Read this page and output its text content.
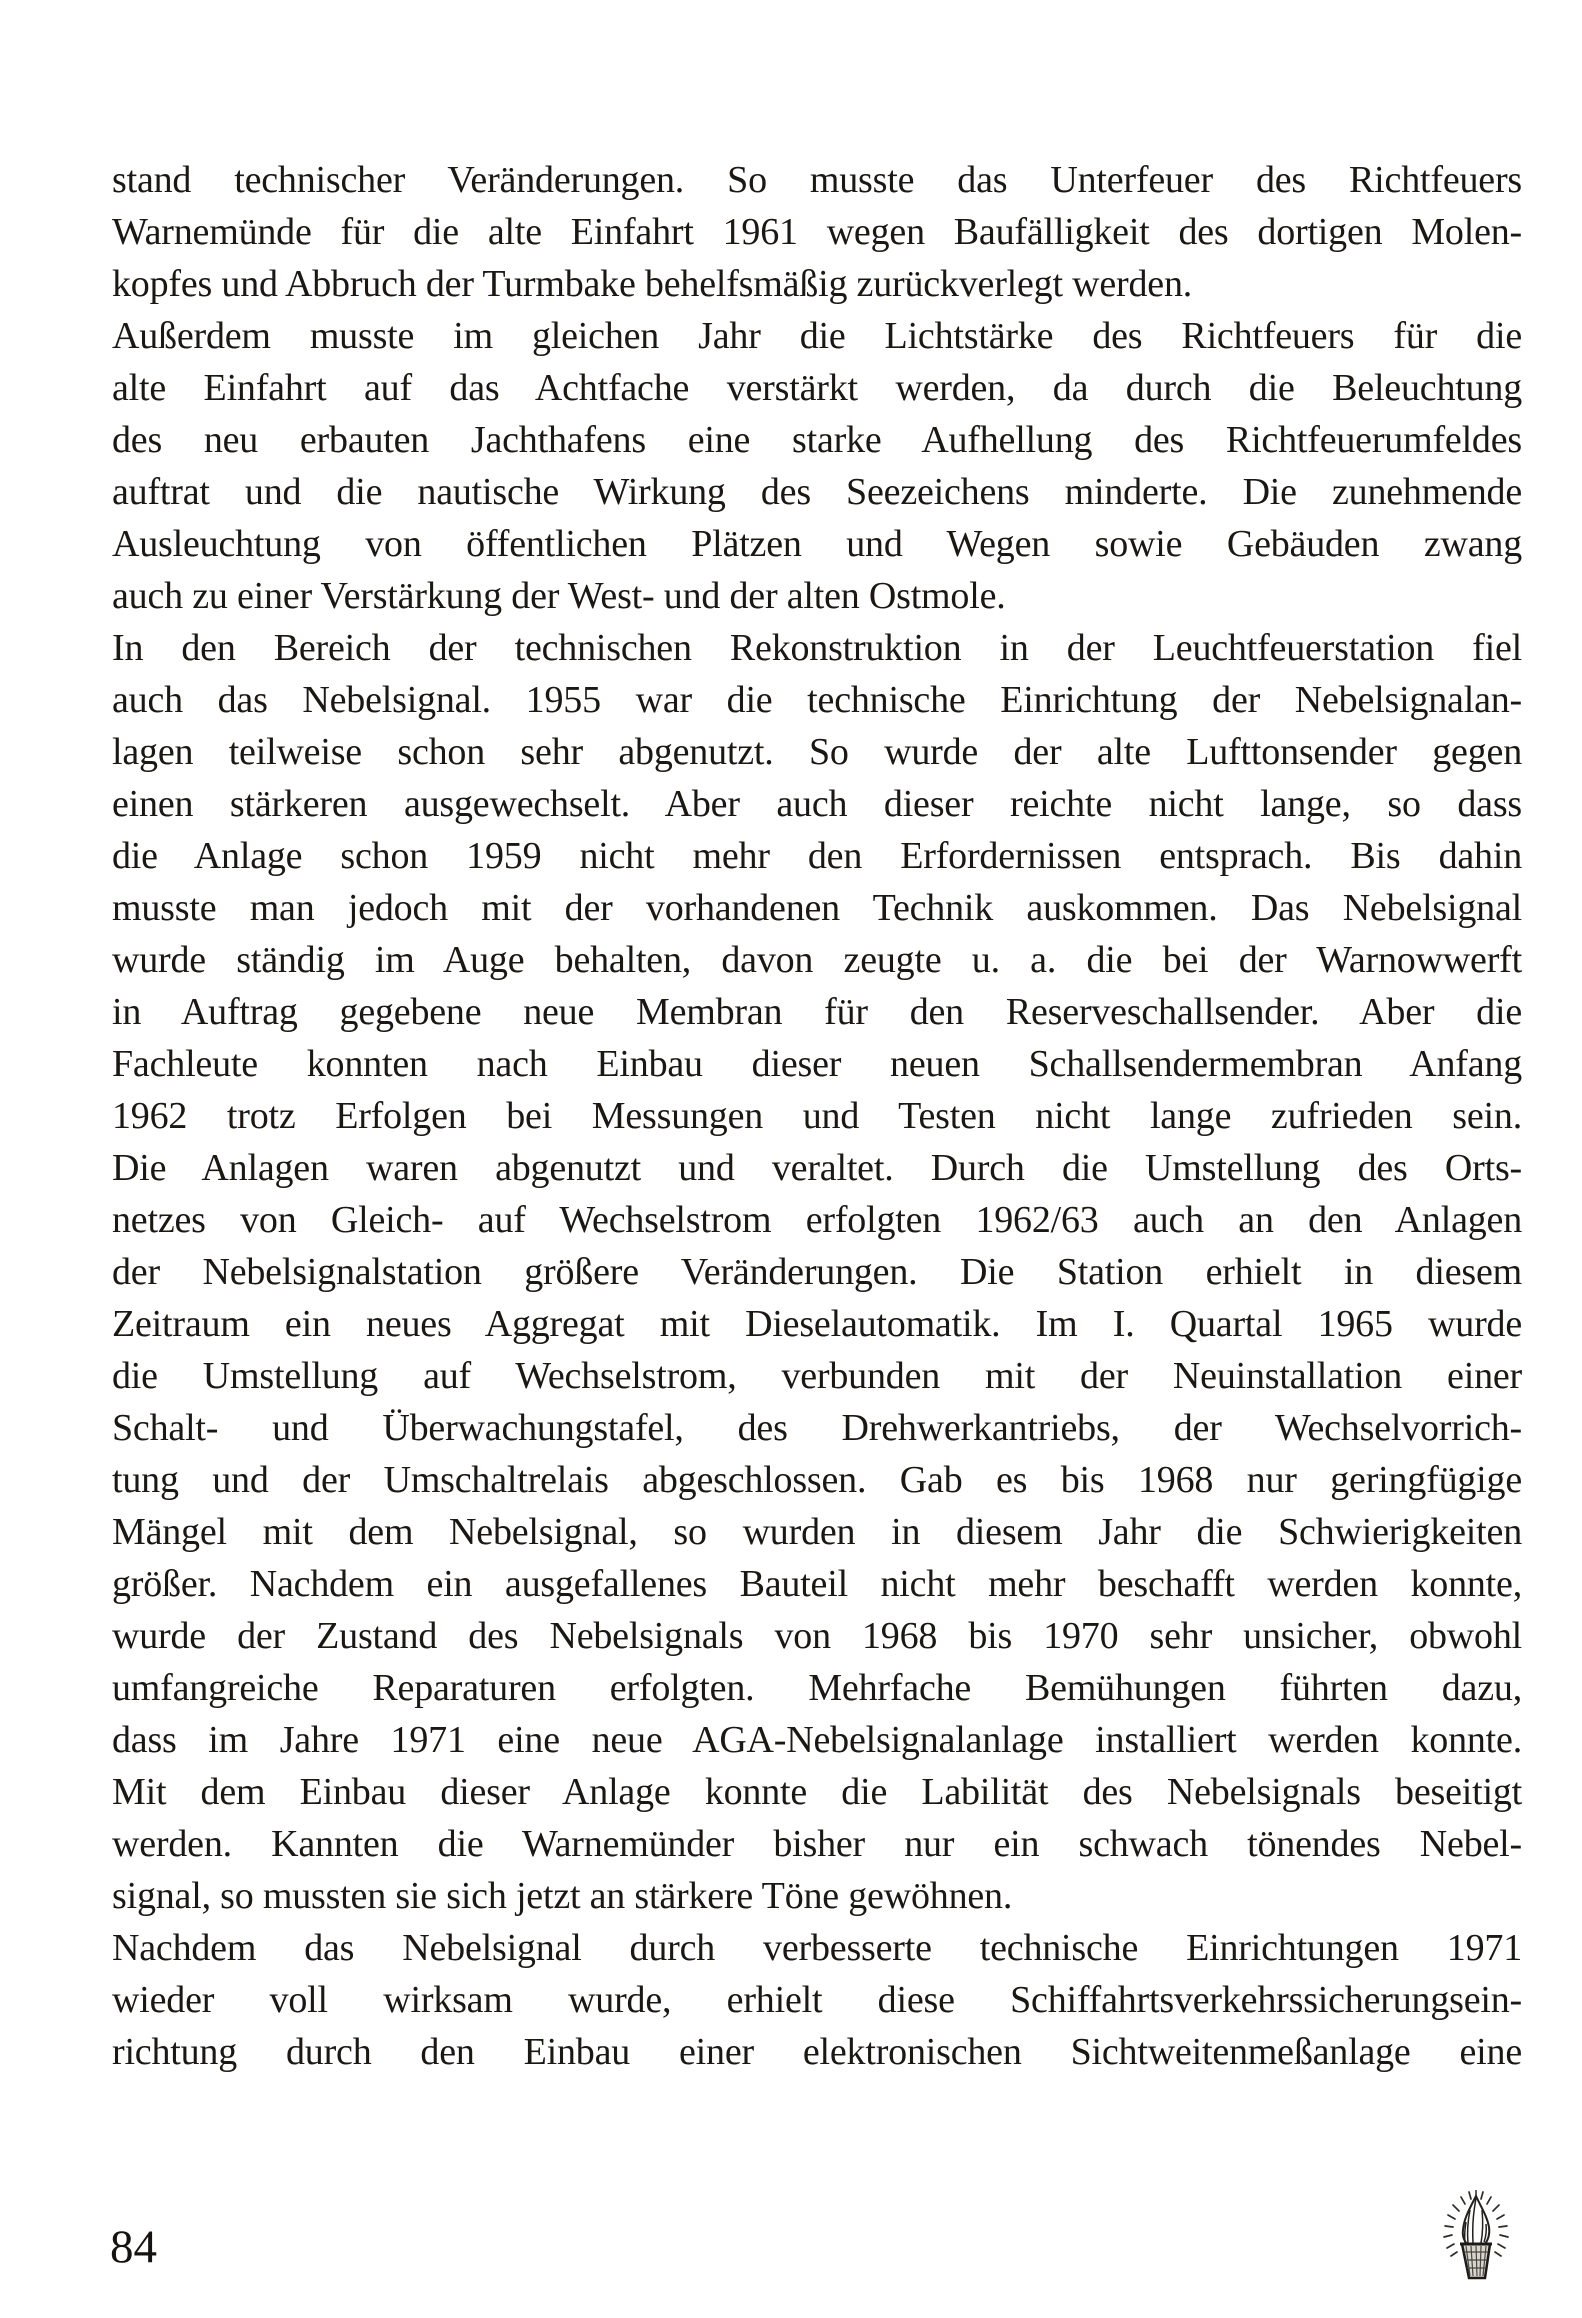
stand technischer Veränderungen. So musste das Unterfeuer des Richtfeuers
Warnemünde für die alte Einfahrt 1961 wegen Baufälligkeit des dortigen Molen-
kopfes und Abbruch der Turmbake behelfsmäßig zurückverlegt werden.
Außerdem musste im gleichen Jahr die Lichtstärke des Richtfeuers für die
alte Einfahrt auf das Achtfache verstärkt werden, da durch die Beleuchtung
des neu erbauten Jachthafens eine starke Aufhellung des Richtfeuerumfeldes
auftrat und die nautische Wirkung des Seezeichens minderte. Die zunehmende
Ausleuchtung von öffentlichen Plätzen und Wegen sowie Gebäuden zwang
auch zu einer Verstärkung der West- und der alten Ostmole.
In den Bereich der technischen Rekonstruktion in der Leuchtfeuerstation fiel
auch das Nebelsignal. 1955 war die technische Einrichtung der Nebelsignalan-
lagen teilweise schon sehr abgenutzt. So wurde der alte Lufttonsender gegen
einen stärkeren ausgewechselt. Aber auch dieser reichte nicht lange, so dass
die Anlage schon 1959 nicht mehr den Erfordernissen entsprach. Bis dahin
musste man jedoch mit der vorhandenen Technik auskommen. Das Nebelsignal
wurde ständig im Auge behalten, davon zeugte u. a. die bei der Warnowwerft
in Auftrag gegebene neue Membran für den Reserveschallsender. Aber die
Fachleute konnten nach Einbau dieser neuen Schallsendermembran Anfang
1962 trotz Erfolgen bei Messungen und Testen nicht lange zufrieden sein.
Die Anlagen waren abgenutzt und veraltet. Durch die Umstellung des Orts-
netzes von Gleich- auf Wechselstrom erfolgten 1962/63 auch an den Anlagen
der Nebelsignalstation größere Veränderungen. Die Station erhielt in diesem
Zeitraum ein neues Aggregat mit Dieselautomatik. Im I. Quartal 1965 wurde
die Umstellung auf Wechselstrom, verbunden mit der Neuinstallation einer
Schalt- und Überwachungstafel, des Drehwerkantriebs, der Wechselvorrich-
tung und der Umschaltrelais abgeschlossen. Gab es bis 1968 nur geringfügige
Mängel mit dem Nebelsignal, so wurden in diesem Jahr die Schwierigkeiten
größer. Nachdem ein ausgefallenes Bauteil nicht mehr beschafft werden konnte,
wurde der Zustand des Nebelsignals von 1968 bis 1970 sehr unsicher, obwohl
umfangreiche Reparaturen erfolgten. Mehrfache Bemühungen führten dazu,
dass im Jahre 1971 eine neue AGA-Nebelsignalanlage installiert werden konnte.
Mit dem Einbau dieser Anlage konnte die Labilität des Nebelsignals beseitigt
werden. Kannten die Warnemünder bisher nur ein schwach tönendes Nebel-
signal, so mussten sie sich jetzt an stärkere Töne gewöhnen.
Nachdem das Nebelsignal durch verbesserte technische Einrichtungen 1971
wieder voll wirksam wurde, erhielt diese Schiffahrtsverkehrssicherungsein-
richtung durch den Einbau einer elektronischen Sichtweitenmeßanlage eine
84
